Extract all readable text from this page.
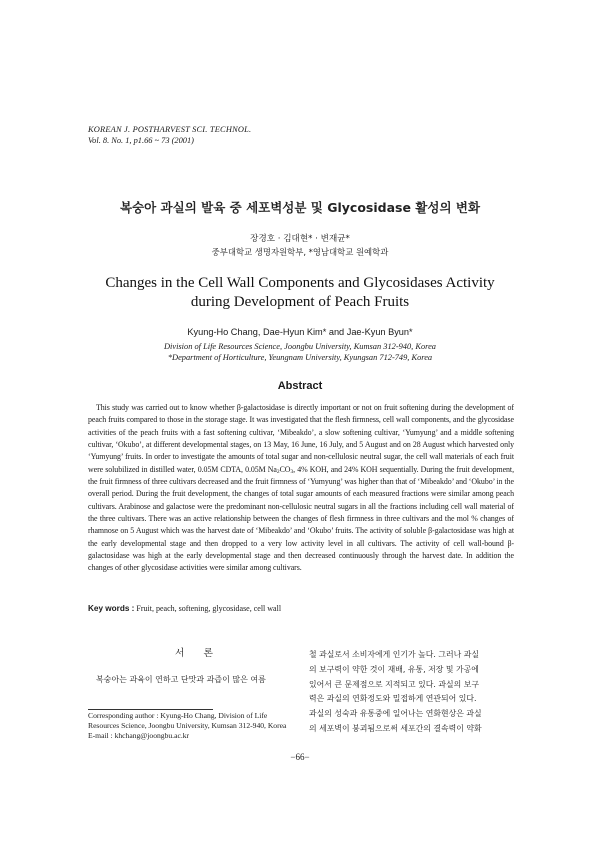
KOREAN J. POSTHARVEST SCI. TECHNOL.
Vol. 8. No. 1, p1.66 ~ 73 (2001)
복숭아 과실의 발육 중 세포벽성분 및 Glycosidase 활성의 변화
장경호 · 김대현* · 변재균*
중부대학교 생명자원학부, *영남대학교 원예학과
Changes in the Cell Wall Components and Glycosidases Activity
during Development of Peach Fruits
Kyung-Ho Chang, Dae-Hyun Kim* and Jae-Kyun Byun*
Division of Life Resources Science, Joongbu University, Kumsan 312-940, Korea
*Department of Horticulture, Yeungnam University, Kyungsan 712-749, Korea
Abstract
This study was carried out to know whether β-galactosidase is directly important or not on fruit softening during the development of peach fruits compared to those in the storage stage. It was investigated that the flesh firmness, cell wall components, and the glycosidase activities of the peach fruits with a fast softening cultivar, ‘Mibeakdo’, a slow softening cultivar, ‘Yumyung’ and a middle softening cultivar, ‘Okubo’, at different developmental stages, on 13 May, 16 June, 16 July, and 5 August and on 28 August which harvested only ‘Yumyung’ fruits. In order to investigate the amounts of total sugar and non-cellulosic neutral sugar, the cell wall materials of each fruit were solubilized in distilled water, 0.05M CDTA, 0.05M $Na_2CO_3$, 4% KOH, and 24% KOH sequentially. During the fruit development, the fruit firmness of three cultivars decreased and the fruit firmness of ‘Yumyung’ was higher than that of ‘Mibeakdo’ and ‘Okubo’ in the overall period. During the fruit development, the changes of total sugar amounts of each measured fractions were similar among peach cultivars. Arabinose and galactose were the predominant non-cellulosic neutral sugars in all the fractions including cell wall material of the three cultivars. There was an active relationship between the changes of flesh firmness in three cultivars and the mol % changes of rhamnose on 5 August which was the harvest date of ‘Mibeakdo’ and ‘Okubo’ fruits. The activity of soluble β-galactosidase was high at the early developmental stage and then dropped to a very low activity level in all cultivars. The activity of cell wall-bound β-galactosidase was high at the early developmental stage and then decreased continuously through the harvest date. In addition the changes of other glycosidase activities were similar among cultivars.
Key words : Fruit, peach, softening, glycosidase, cell wall
서 론
복숭아는 과육이 연하고 단맛과 과즙이 많은 여름
Corresponding author : Kyung-Ho Chang, Division of Life
Resources Science, Joongbu University, Kumsan 312-940, Korea
E-mail : khchang@joongbu.ac.kr
철 과실로서 소비자에게 인기가 높다. 그러나 과실
의 보구력이 약한 것이 재배, 유통, 저장 및 가공에
있어서 큰 문제점으로 지적되고 있다. 과실의 보구
력은 과실의 연화정도와 밀접하게 연관되어 있다.
과실의 성숙과 유통중에 일어나는 연화현상은 과실
의 세포벽이 붕괴됨으로써 세포간의 결속력이 약화
−66−
